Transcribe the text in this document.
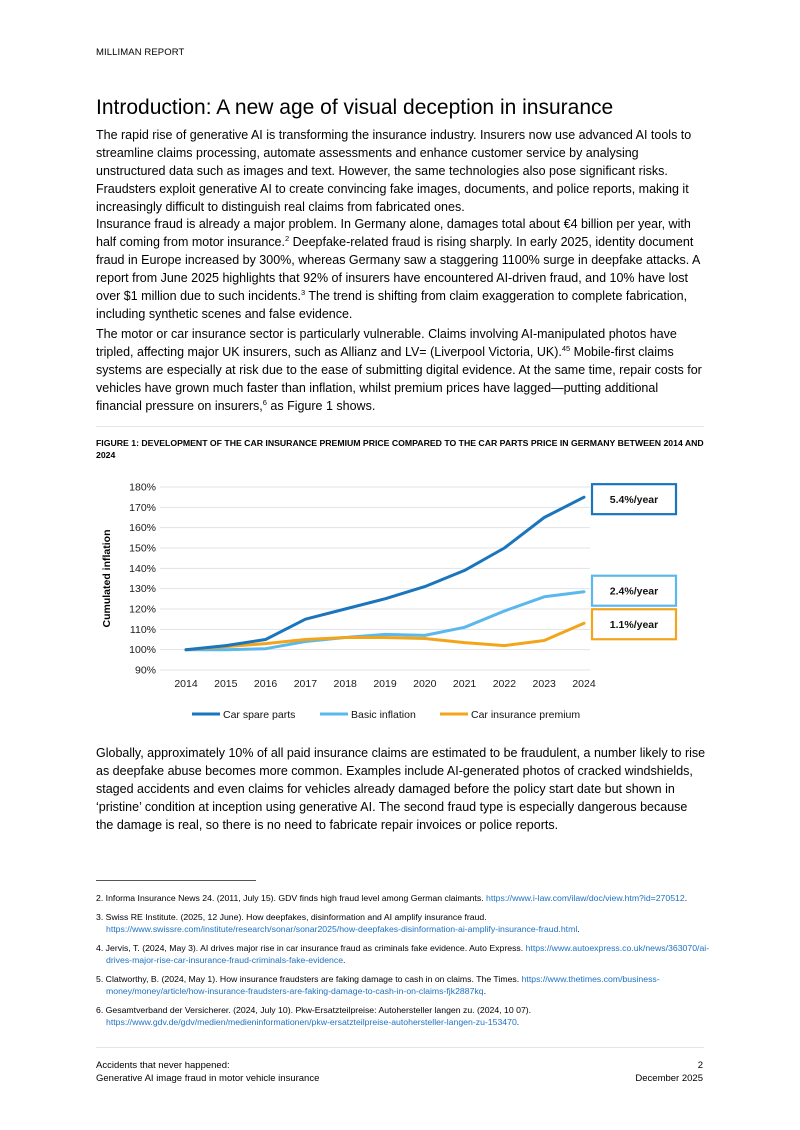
MILLIMAN REPORT
Introduction: A new age of visual deception in insurance

The rapid rise of generative AI is transforming the insurance industry. Insurers now use advanced AI tools to streamline claims processing, automate assessments and enhance customer service by analysing unstructured data such as images and text. However, the same technologies also pose significant risks. Fraudsters exploit generative AI to create convincing fake images, documents, and police reports, making it increasingly difficult to distinguish real claims from fabricated ones.

Insurance fraud is already a major problem. In Germany alone, damages total about €4 billion per year, with half coming from motor insurance.$^2$ Deepfake-related fraud is rising sharply. In early 2025, identity document fraud in Europe increased by 300%, whereas Germany saw a staggering 1100% surge in deepfake attacks. A report from June 2025 highlights that 92% of insurers have encountered AI-driven fraud, and 10% have lost over $1 million due to such incidents.$^3$ The trend is shifting from claim exaggeration to complete fabrication, including synthetic scenes and false evidence.

The motor or car insurance sector is particularly vulnerable. Claims involving AI-manipulated photos have tripled, affecting major UK insurers, such as Allianz and LV= (Liverpool Victoria, UK).$^{45}$ Mobile-first claims systems are especially at risk due to the ease of submitting digital evidence. At the same time, repair costs for vehicles have grown much faster than inflation, whilst premium prices have lagged—putting additional financial pressure on insurers,$^6$ as Figure 1 shows.

FIGURE 1: DEVELOPMENT OF THE CAR INSURANCE PREMIUM PRICE COMPARED TO THE CAR PARTS PRICE IN GERMANY BETWEEN 2014 AND 2024

90%
100%
110%
120%
130%
140%
150%
160%
170%
180%
2014 2015 2016 2017 2018 2019 2020 2021 2022 2023 2024
Cumulated inflation
5.4%/year
2.4%/year
1.1%/year
Car spare parts	Basic inflation	Car insurance premium

Globally, approximately 10% of all paid insurance claims are estimated to be fraudulent, a number likely to rise as deepfake abuse becomes more common. Examples include AI-generated photos of cracked windshields, staged accidents and even claims for vehicles already damaged before the policy start date but shown in ‘pristine’ condition at inception using generative AI. The second fraud type is especially dangerous because the damage is real, so there is no need to fabricate repair invoices or police reports.

2. Informa Insurance News 24. (2011, July 15). GDV finds high fraud level among German claimants. https://www.i-law.com/ilaw/doc/view.htm?id=270512.

3. Swiss RE Institute. (2025, 12 June). How deepfakes, disinformation and AI amplify insurance fraud. https://www.swissre.com/institute/research/sonar/sonar2025/how-deepfakes-disinformation-ai-amplify-insurance-fraud.html.

4. Jervis, T. (2024, May 3). AI drives major rise in car insurance fraud as criminals fake evidence. Auto Express. https://www.autoexpress.co.uk/news/363070/ai-drives-major-rise-car-insurance-fraud-criminals-fake-evidence.

5. Clatworthy, B. (2024, May 1). How insurance fraudsters are faking damage to cash in on claims. The Times. https://www.thetimes.com/business-money/money/article/how-insurance-fraudsters-are-faking-damage-to-cash-in-on-claims-fjk2887kq.

6. Gesamtverband der Versicherer. (2024, July 10). Pkw-Ersatzteilpreise: Autohersteller langen zu. (2024, 10 07). https://www.gdv.de/gdv/medien/medieninformationen/pkw-ersatzteilpreise-autohersteller-langen-zu-153470.

Accidents that never happened:
Generative AI image fraud in motor vehicle insurance
2
December 2025
